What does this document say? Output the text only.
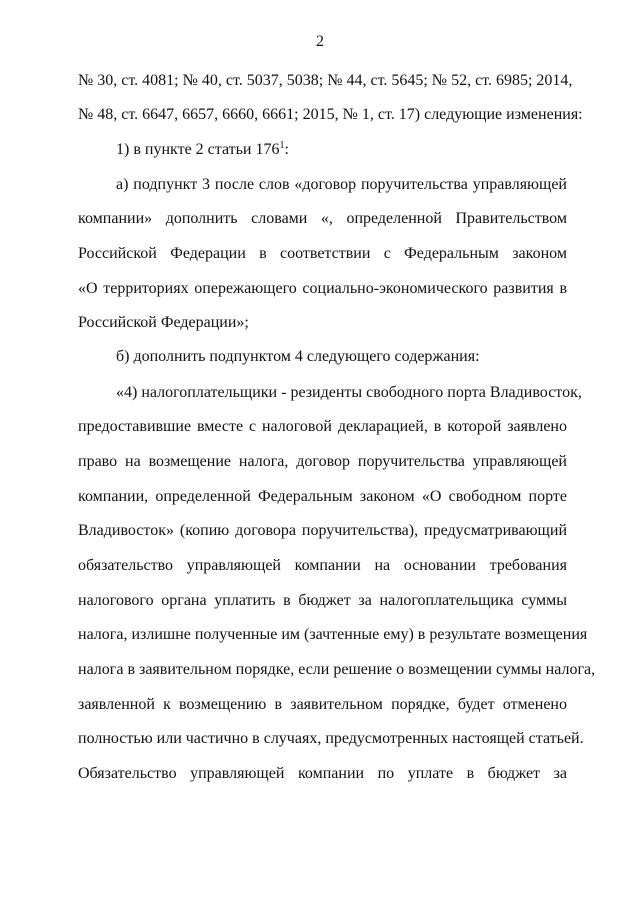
2
№ 30, ст. 4081; № 40, ст. 5037, 5038; № 44, ст. 5645; № 52, ст. 6985; 2014,
№ 48, ст. 6647, 6657, 6660, 6661; 2015, № 1, ст. 17) следующие изменения:
1) в пункте 2 статьи $176^1$:
а) подпункт 3 после слов «договор поручительства управляющей
компании» дополнить словами «, определенной Правительством
Российской Федерации в соответствии с Федеральным законом
«О территориях опережающего социально-экономического развития в
Российской Федерации»;
б) дополнить подпунктом 4 следующего содержания:
«4) налогоплательщики - резиденты свободного порта Владивосток,
предоставившие вместе с налоговой декларацией, в которой заявлено
право на возмещение налога, договор поручительства управляющей
компании, определенной Федеральным законом «О свободном порте
Владивосток» (копию договора поручительства), предусматривающий
обязательство управляющей компании на основании требования
налогового органа уплатить в бюджет за налогоплательщика суммы
налога, излишне полученные им (зачтенные ему) в результате возмещения
налога в заявительном порядке, если решение о возмещении суммы налога,
заявленной к возмещению в заявительном порядке, будет отменено
полностью или частично в случаях, предусмотренных настоящей статьей.
Обязательство управляющей компании по уплате в бюджет за
